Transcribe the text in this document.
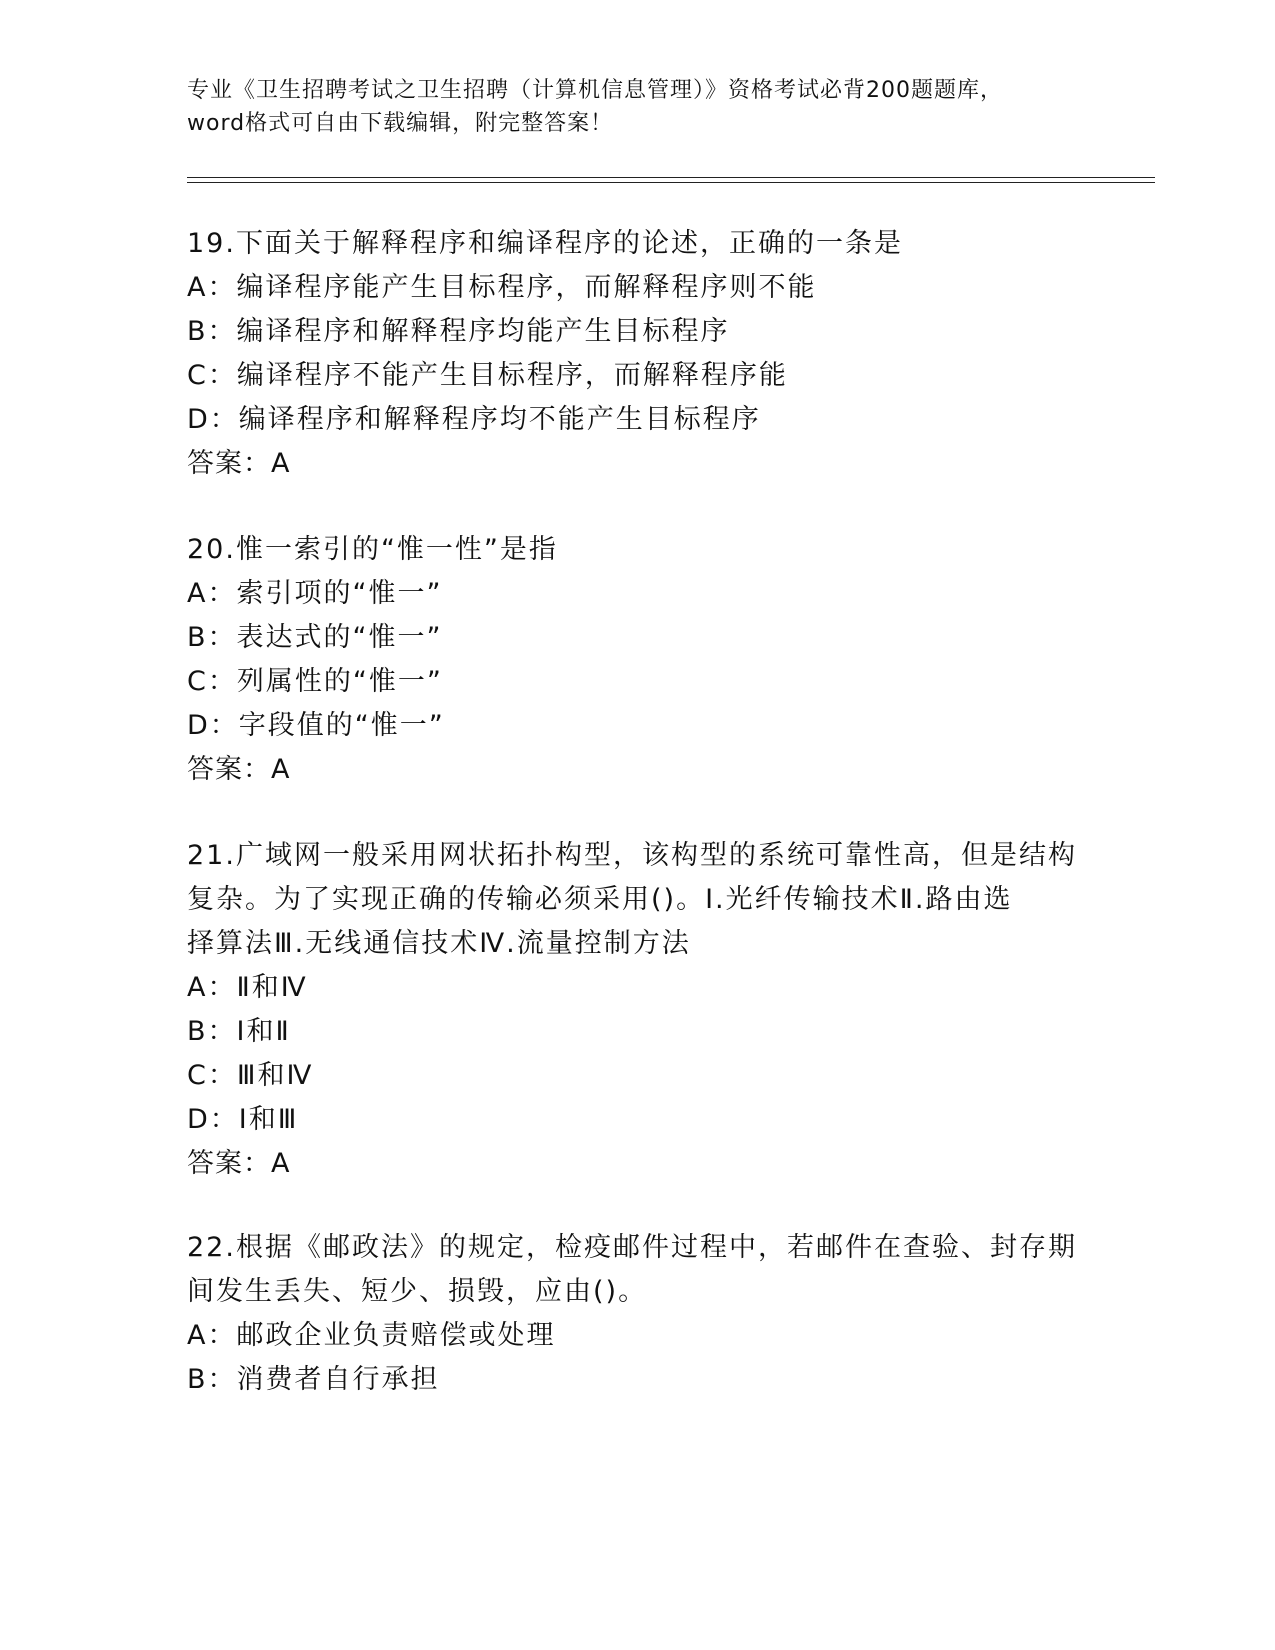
专业《卫生招聘考试之卫生招聘（计算机信息管理）》资格考试必背200题题库，
word格式可自由下载编辑，附完整答案！
19.下面关于解释程序和编译程序的论述，正确的一条是
A：编译程序能产生目标程序，而解释程序则不能
B：编译程序和解释程序均能产生目标程序
C：编译程序不能产生目标程序，而解释程序能
D：编译程序和解释程序均不能产生目标程序
答案：A
20.惟一索引的“惟一性”是指
A：索引项的“惟一”
B：表达式的“惟一”
C：列属性的“惟一”
D：字段值的“惟一”
答案：A
21.广域网一般采用网状拓扑构型，该构型的系统可靠性高，但是结构
复杂。为了实现正确的传输必须采用()。Ⅰ.光纤传输技术Ⅱ.路由选
择算法Ⅲ.无线通信技术Ⅳ.流量控制方法
A：Ⅱ和Ⅳ
B：Ⅰ和Ⅱ
C：Ⅲ和Ⅳ
D：Ⅰ和Ⅲ
答案：A
22.根据《邮政法》的规定，检疫邮件过程中，若邮件在查验、封存期
间发生丢失、短少、损毁，应由()。
A：邮政企业负责赔偿或处理
B：消费者自行承担
